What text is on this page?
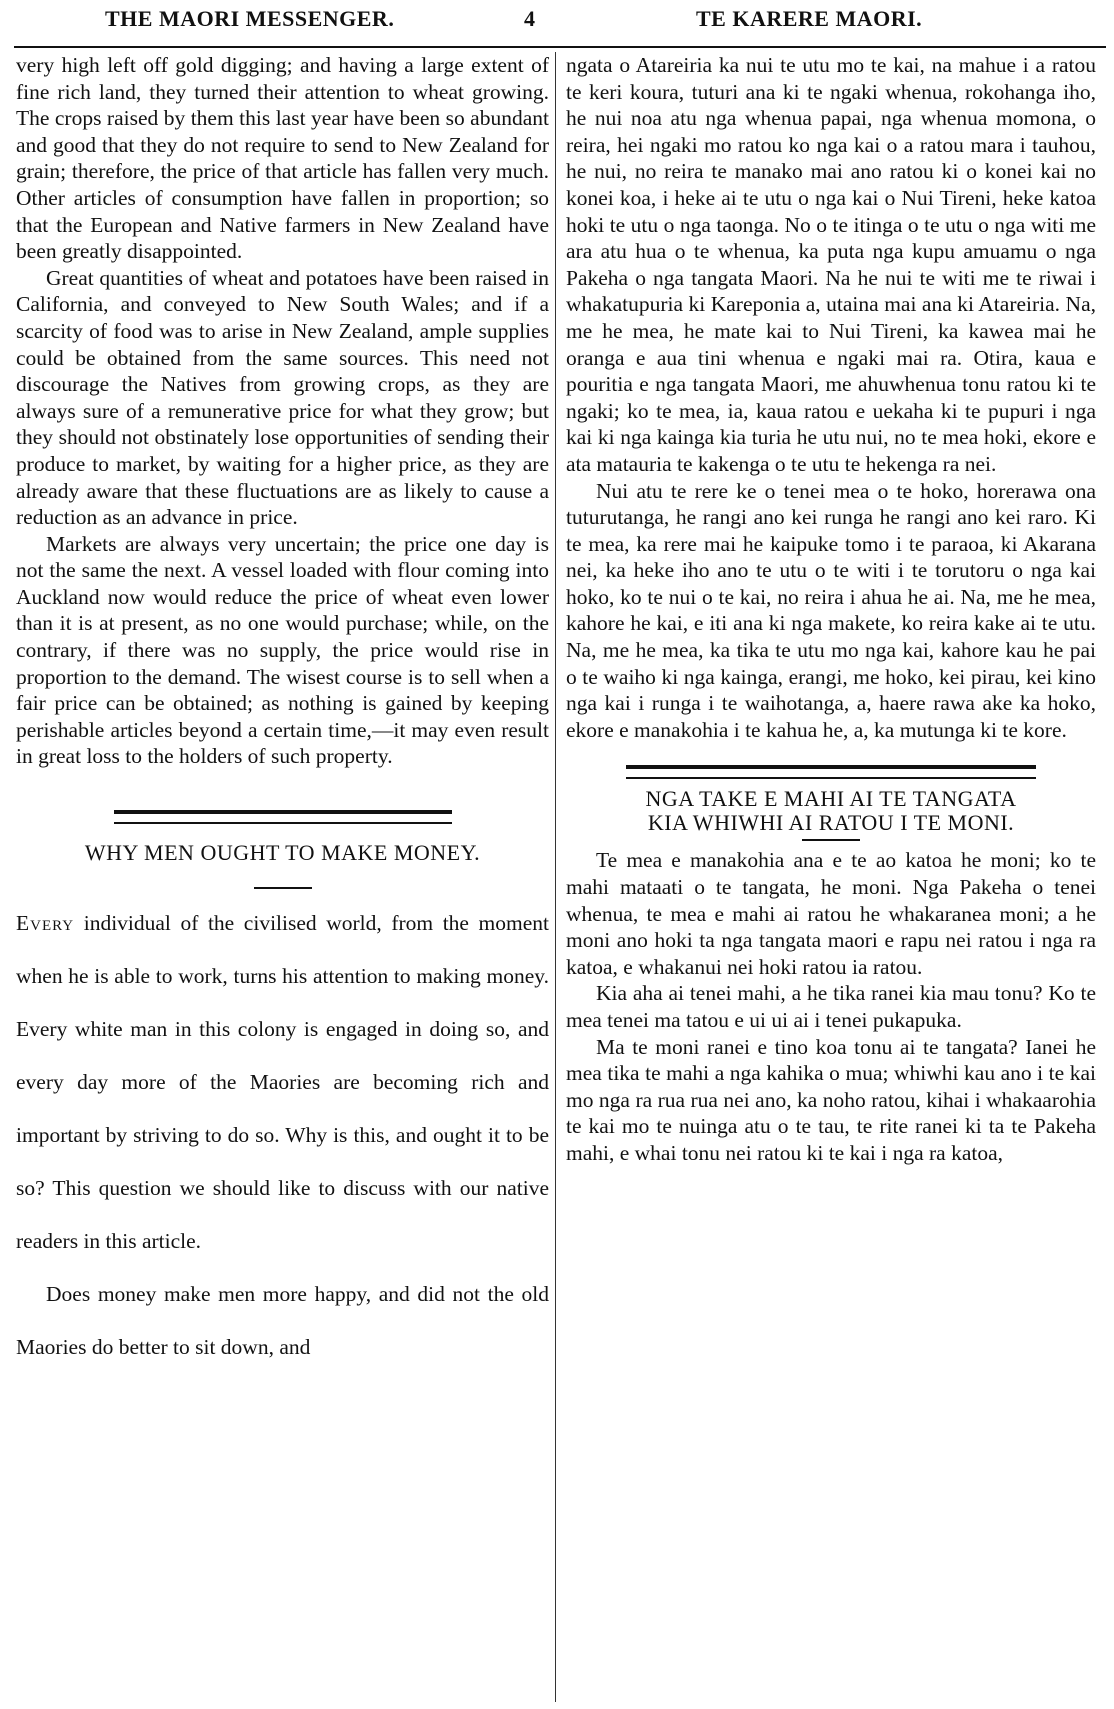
THE MAORI MESSENGER.	4	TE KARERE MAORI.

very high left off gold digging; and having a large extent of fine rich land, they turned their attention to wheat growing. The crops raised by them this last year have been so abundant and good that they do not require to send to New Zealand for grain; therefore, the price of that article has fallen very much. Other articles of consumption have fallen in proportion; so that the European and Native farmers in New Zealand have been greatly disappointed.

Great quantities of wheat and potatoes have been raised in California, and conveyed to New South Wales; and if a scarcity of food was to arise in New Zealand, ample supplies could be obtained from the same sources. This need not discourage the Natives from growing crops, as they are always sure of a remunerative price for what they grow; but they should not obstinately lose opportunities of sending their produce to market, by waiting for a higher price, as they are already aware that these fluctuations are as likely to cause a reduction as an advance in price.

Markets are always very uncertain; the price one day is not the same the next. A vessel loaded with flour coming into Auckland now would reduce the price of wheat even lower than it is at present, as no one would purchase; while, on the contrary, if there was no supply, the price would rise in proportion to the demand. The wisest course is to sell when a fair price can be obtained; as nothing is gained by keeping perishable articles beyond a certain time,—it may even result in great loss to the holders of such property.

WHY MEN OUGHT TO MAKE MONEY.

Every individual of the civilised world, from the moment when he is able to work, turns his attention to making money. Every white man in this colony is engaged in doing so, and every day more of the Maories are becoming rich and important by striving to do so. Why is this, and ought it to be so? This question we should like to discuss with our native readers in this article.

Does money make men more happy, and did not the old Maories do better to sit down, and

ngata o Atareiria ka nui te utu mo te kai, na mahue i a ratou te keri koura, tuturi ana ki te ngaki whenua, rokohanga iho, he nui noa atu nga whenua papai, nga whenua momona, o reira, hei ngaki mo ratou ko nga kai o a ratou mara i tauhou, he nui, no reira te manako mai ano ratou ki o konei kai no konei koa, i heke ai te utu o nga kai o Nui Tireni, heke katoa hoki te utu o nga taonga. No o te itinga o te utu o nga witi me ara atu hua o te whenua, ka puta nga kupu amuamu o nga Pakeha o nga tangata Maori. Na he nui te witi me te riwai i whakatupuria ki Kareponia a, utaina mai ana ki Atareiria. Na, me he mea, he mate kai to Nui Tireni, ka kawea mai he oranga e aua tini whenua e ngaki mai ra. Otira, kaua e pouritia e nga tangata Maori, me ahuwhenua tonu ratou ki te ngaki; ko te mea, ia, kaua ratou e uekaha ki te pupuri i nga kai ki nga kainga kia turia he utu nui, no te mea hoki, ekore e ata matauria te kakenga o te utu te hekenga ra nei.

Nui atu te rere ke o tenei mea o te hoko, horerawa ona tuturutanga, he rangi ano kei runga he rangi ano kei raro. Ki te mea, ka rere mai he kaipuke tomo i te paraoa, ki Akarana nei, ka heke iho ano te utu o te witi i te torutoru o nga kai hoko, ko te nui o te kai, no reira i ahua he ai. Na, me he mea, kahore he kai, e iti ana ki nga makete, ko reira kake ai te utu. Na, me he mea, ka tika te utu mo nga kai, kahore kau he pai o te waiho ki nga kainga, erangi, me hoko, kei pirau, kei kino nga kai i runga i te waihotanga, a, haere rawa ake ka hoko, ekore e manakohia i te kahua he, a, ka mutunga ki te kore.

NGA TAKE E MAHI AI TE TANGATA
KIA WHIWHI AI RATOU I TE MONI.

Te mea e manakohia ana e te ao katoa he moni; ko te mahi mataati o te tangata, he moni. Nga Pakeha o tenei whenua, te mea e mahi ai ratou he whakaranea moni; a he moni ano hoki ta nga tangata maori e rapu nei ratou i nga ra katoa, e whakanui nei hoki ratou ia ratou.

Kia aha ai tenei mahi, a he tika ranei kia mau tonu? Ko te mea tenei ma tatou e ui ui ai i tenei pukapuka.

Ma te moni ranei e tino koa tonu ai te tangata? Ianei he mea tika te mahi a nga kahika o mua; whiwhi kau ano i te kai mo nga ra rua rua nei ano, ka noho ratou, kihai i whakaarohia te kai mo te nuinga atu o te tau, te rite ranei ki ta te Pakeha mahi, e whai tonu nei ratou ki te kai i nga ra katoa,
